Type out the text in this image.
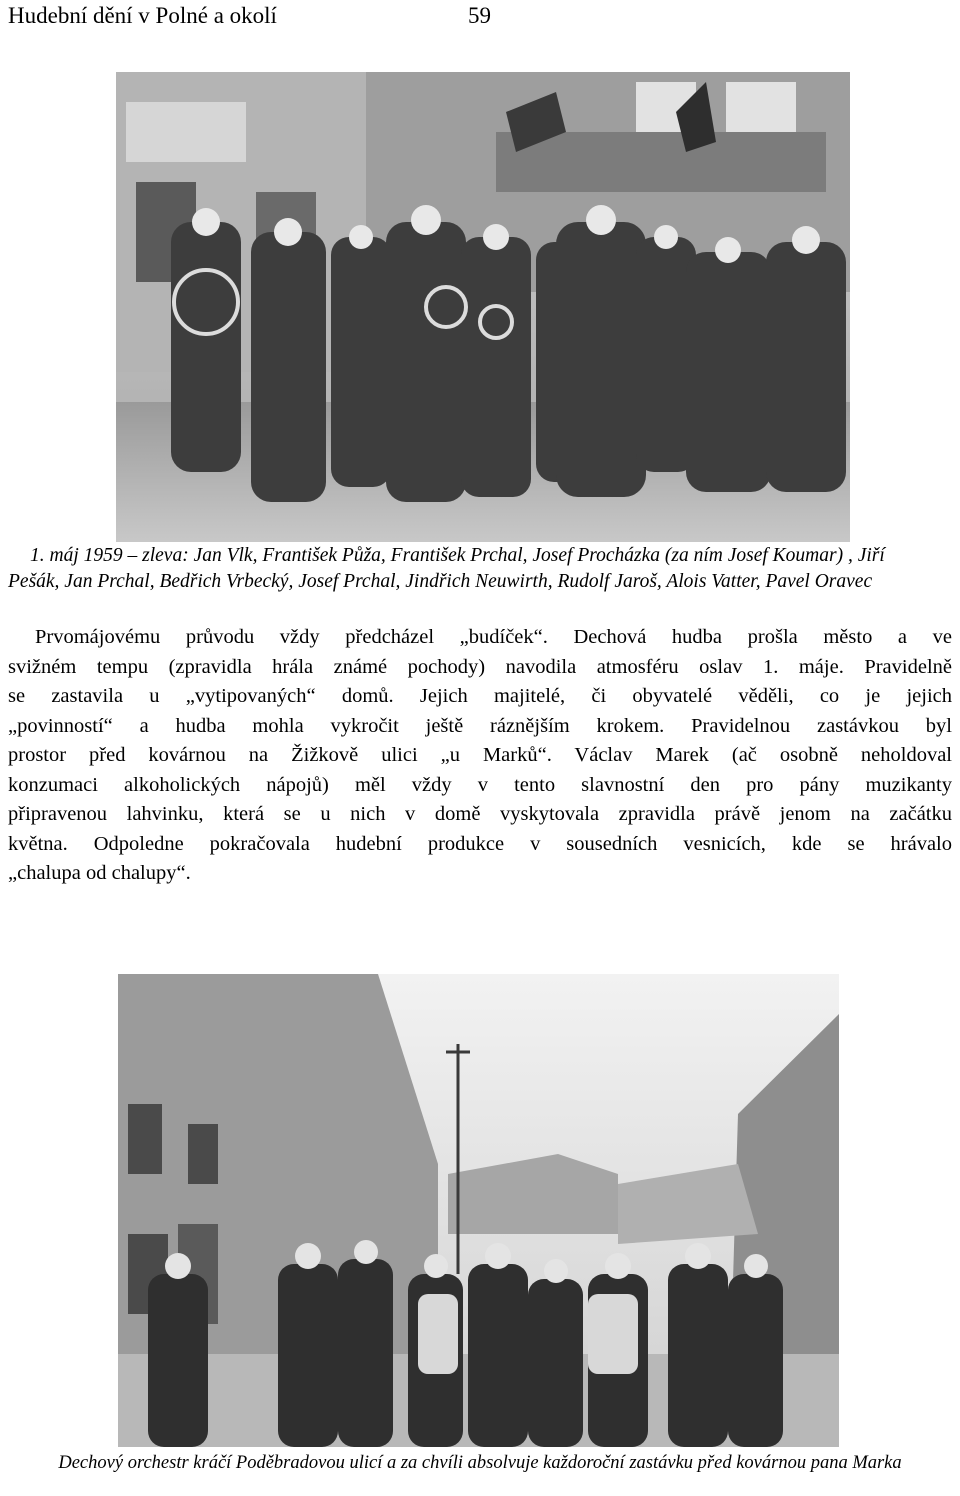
Hudební dění v Polné a okolí	59
1. máj 1959 – zleva: Jan Vlk, František Půža, František Prchal, Josef Procházka (za ním Josef Koumar) , Jiří
Pešák, Jan Prchal, Bedřich Vrbecký, Josef Prchal, Jindřich Neuwirth, Rudolf Jaroš, Alois Vatter, Pavel Oravec
Prvomájovému průvodu vždy předcházel „budíček“. Dechová hudba prošla město a ve
svižném tempu (zpravidla hrála známé pochody) navodila atmosféru oslav 1. máje. Pravidelně
se zastavila u „vytipovaných“ domů. Jejich majitelé, či obyvatelé věděli, co je jejich
„povinností“ a hudba mohla vykročit ještě ráznějším krokem. Pravidelnou zastávkou byl
prostor před kovárnou na Žižkově ulici „u Marků“. Václav Marek (ač osobně neholdoval
konzumaci alkoholických nápojů) měl vždy v tento slavnostní den pro pány muzikanty
připravenou lahvinku, která se u nich v domě vyskytovala zpravidla právě jenom na začátku
května. Odpoledne pokračovala hudební produkce v sousedních vesnicích, kde se hrávalo
„chalupa od chalupy“.
Dechový orchestr kráčí Poděbradovou ulicí a za chvíli absolvuje každoroční zastávku před kovárnou pana Marka
